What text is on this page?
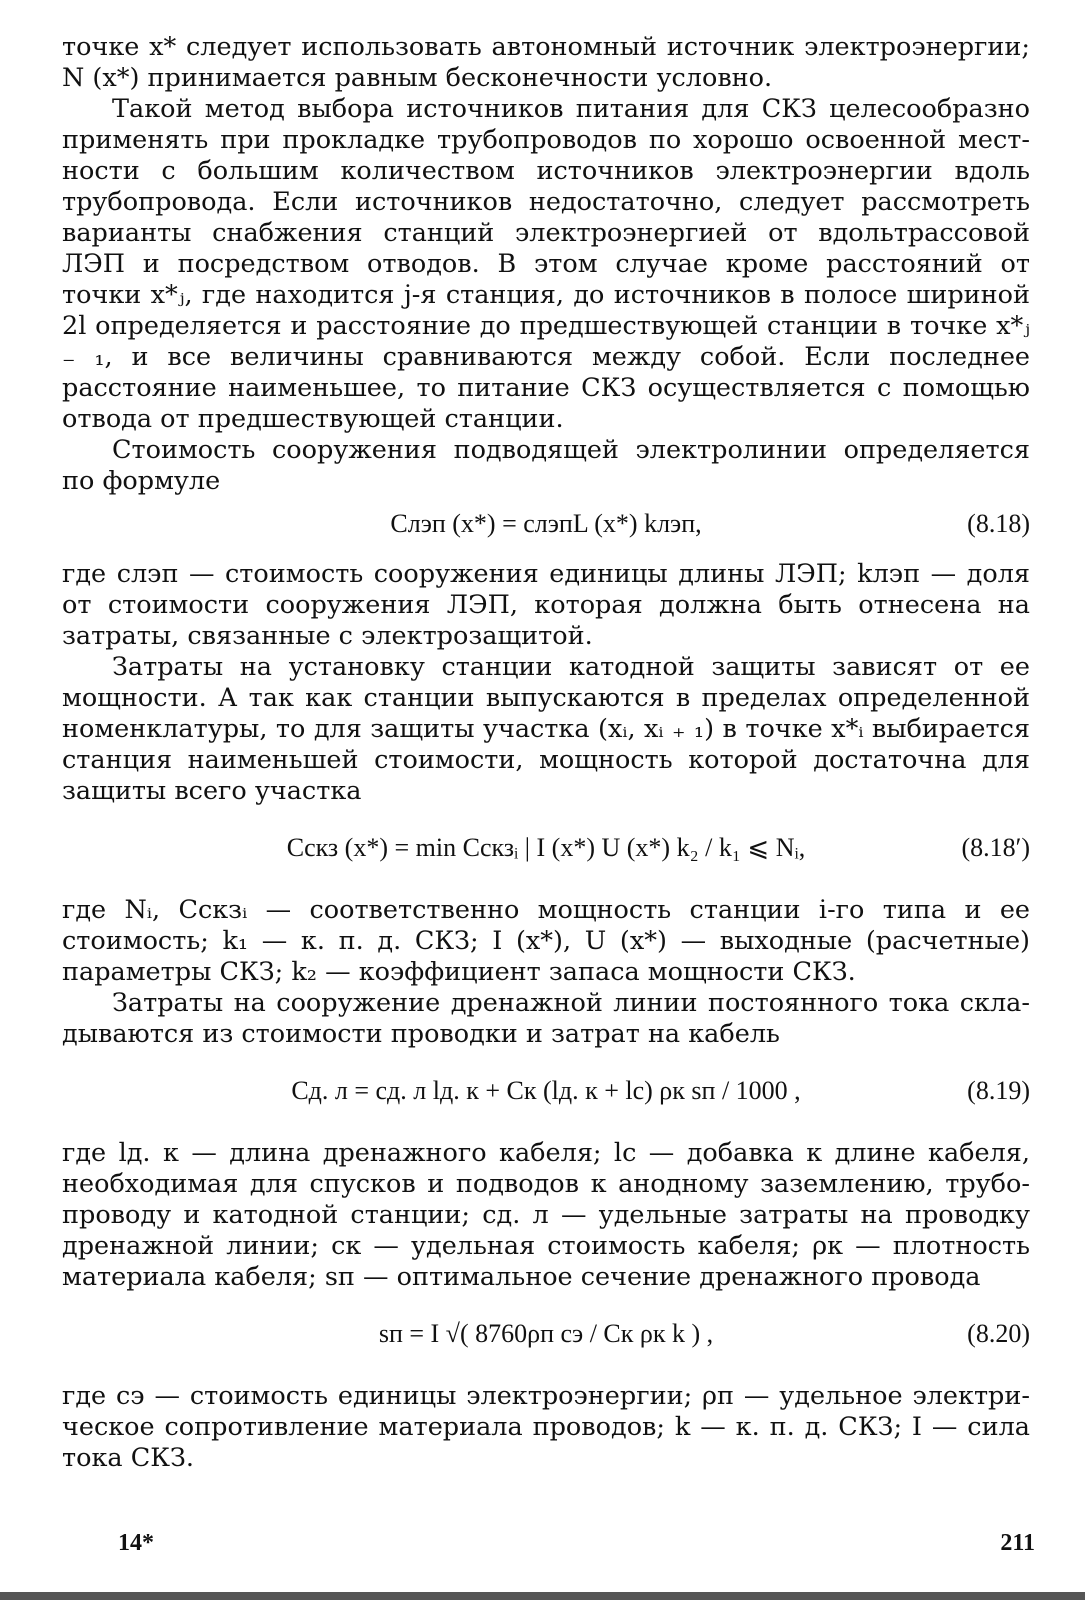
точке x* следует использовать автономный источник электроэнергии; N (x*) принимается равным бесконечности условно.

Такой метод выбора источников питания для СКЗ целесообразно применять при прокладке трубопроводов по хорошо освоенной местности с большим количеством источников электроэнергии вдоль трубопровода. Если источников недостаточно, следует рассмотреть варианты снабжения станций электроэнергией от вдольтрассовой ЛЭП и посредством отводов. В этом случае кроме расстояний от точки x*ⱼ, где находится j-я станция, до источников в полосе шириной 2l определяется и расстояние до предшествующей станции в точке x*ⱼ ₋ ₁, и все величины сравниваются между собой. Если последнее расстояние наименьшее, то питание СКЗ осуществляется с помощью отвода от предшествующей станции.

Стоимость сооружения подводящей электролинии определяется по формуле

Cлэп (x*) = cлэпL (x*) kлэп,	(8.18)

где cлэп — стоимость сооружения единицы длины ЛЭП; kлэп — доля от стоимости сооружения ЛЭП, которая должна быть отнесена на затраты, связанные с электрозащитой.

Затраты на установку станции катодной защиты зависят от ее мощности. А так как станции выпускаются в пределах определенной номенклатуры, то для защиты участка (xᵢ, xᵢ ₊ ₁) в точке x*ᵢ выбирается станция наименьшей стоимости, мощность которой достаточна для защиты всего участка

Cскз (x*) = min Cскзᵢ | I (x*) U (x*) k₂ / k₁ ⩽ Nᵢ,	(8.18′)

где Nᵢ, Cскзᵢ — соответственно мощность станции i-го типа и ее стоимость; k₁ — к. п. д. СКЗ; I (x*), U (x*) — выходные (расчетные) параметры СКЗ; k₂ — коэффициент запаса мощности СКЗ.

Затраты на сооружение дренажной линии постоянного тока складываются из стоимости проводки и затрат на кабель

Cд. л = cд. л lд. к + Cк (lд. к + lc) ρк sп / 1000 ,	(8.19)

где lд. к — длина дренажного кабеля; lc — добавка к длине кабеля, необходимая для спусков и подводов к анодному заземлению, трубопроводу и катодной станции; cд. л — удельные затраты на проводку дренажной линии; cк — удельная стоимость кабеля; ρк — плотность материала кабеля; sп — оптимальное сечение дренажного провода

sп = I √( 8760ρп cэ / Cк ρк k ) ,	(8.20)

где cэ — стоимость единицы электроэнергии; ρп — удельное электрическое сопротивление материала проводов; k — к. п. д. СКЗ; I — сила тока СКЗ.

14*	211
